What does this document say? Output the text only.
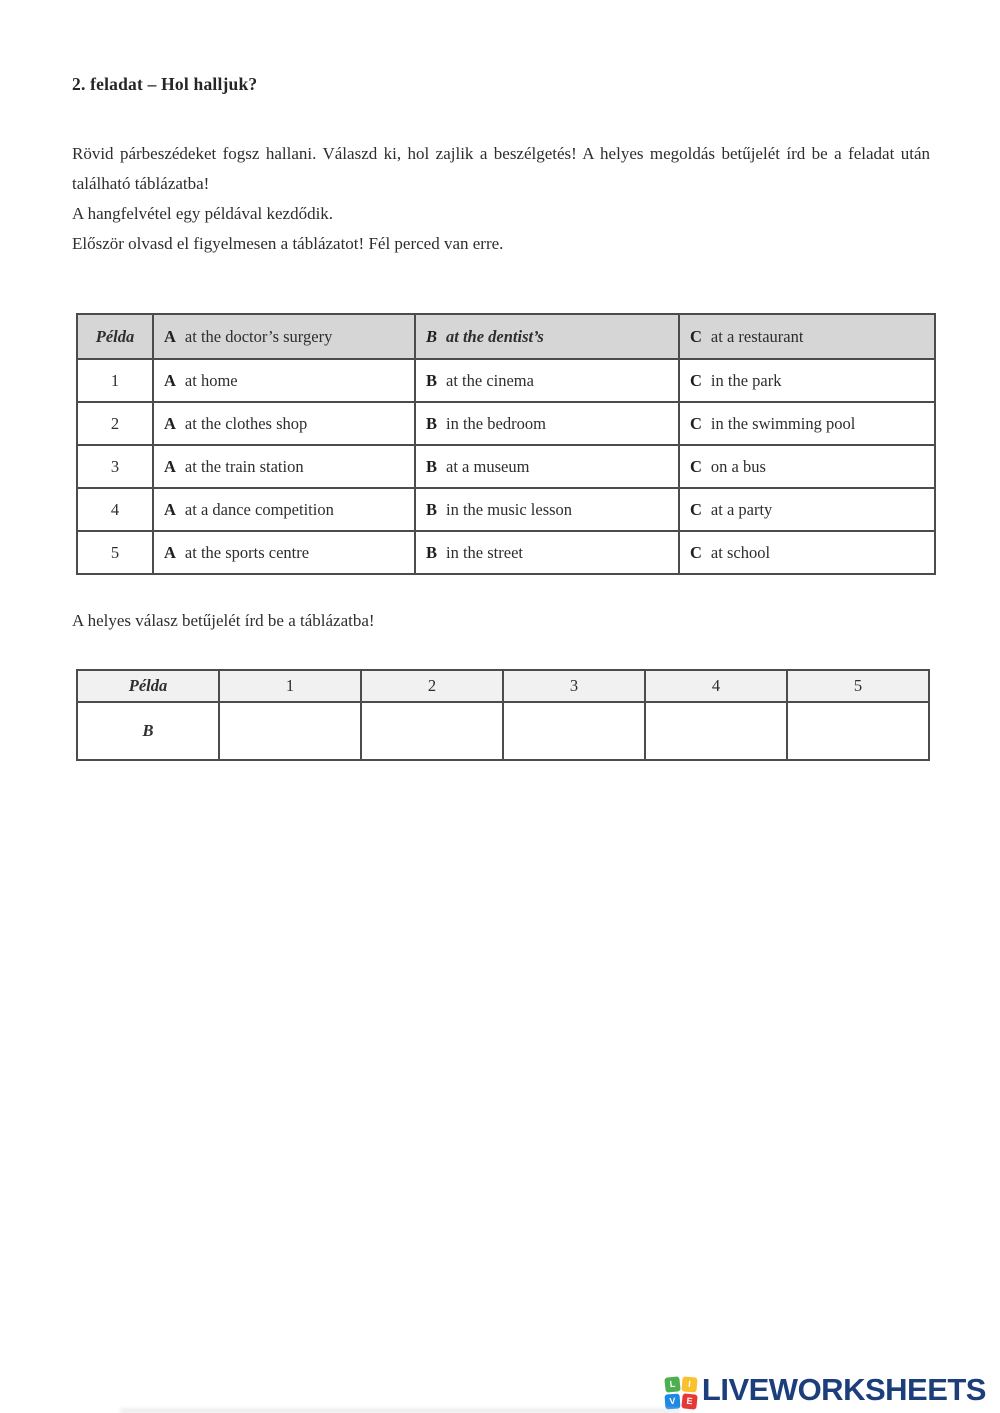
2. feladat – Hol halljuk?

Rövid párbeszédeket fogsz hallani. Válaszd ki, hol zajlik a beszélgetés! A helyes megoldás betűjelét írd be a feladat után található táblázatba!

A hangfelvétel egy példával kezdődik.

Először olvasd el figyelmesen a táblázatot! Fél perced van erre.

Példa	A at the doctor’s surgery	B at the dentist’s	C at a restaurant
1	A at home	B at the cinema	C in the park
2	A at the clothes shop	B in the bedroom	C in the swimming pool
3	A at the train station	B at a museum	C on a bus
4	A at a dance competition	B in the music lesson	C at a party
5	A at the sports centre	B in the street	C at school

A helyes válasz betűjelét írd be a táblázatba!

Példa	1	2	3	4	5
B					
L	I
V	E LIVEWORKSHEETS
